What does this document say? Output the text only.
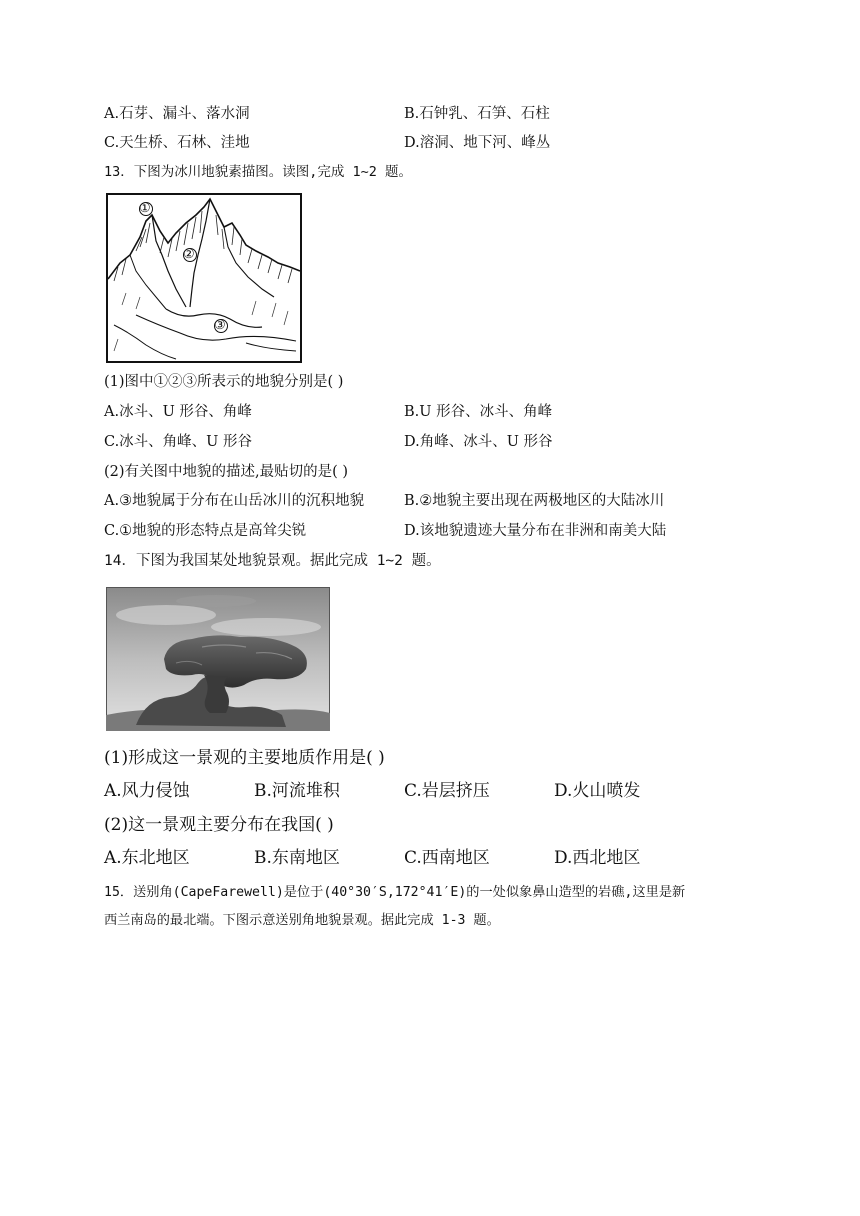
A.石芽、漏斗、落水洞	B.石钟乳、石笋、石柱
C.天生桥、石林、洼地	D.溶洞、地下河、峰丛
13．下图为冰川地貌素描图。读图,完成 1~2 题。
①
②
③
(1)图中①②③所表示的地貌分别是( )
A.冰斗、U 形谷、角峰	B.U 形谷、冰斗、角峰
C.冰斗、角峰、U 形谷	D.角峰、冰斗、U 形谷
(2)有关图中地貌的描述,最贴切的是( )
A.③地貌属于分布在山岳冰川的沉积地貌	B.②地貌主要出现在两极地区的大陆冰川
C.①地貌的形态特点是高耸尖锐	D.该地貌遗迹大量分布在非洲和南美大陆
14．下图为我国某处地貌景观。据此完成 1~2 题。
(1)形成这一景观的主要地质作用是( )
A.风力侵蚀	B.河流堆积	C.岩层挤压	D.火山喷发
(2)这一景观主要分布在我国( )
A.东北地区	B.东南地区	C.西南地区	D.西北地区
15．送别角(CapeFarewell)是位于(40°30′S,172°41′E)的一处似象鼻山造型的岩礁,这里是新
西兰南岛的最北端。下图示意送别角地貌景观。据此完成 1-3 题。
